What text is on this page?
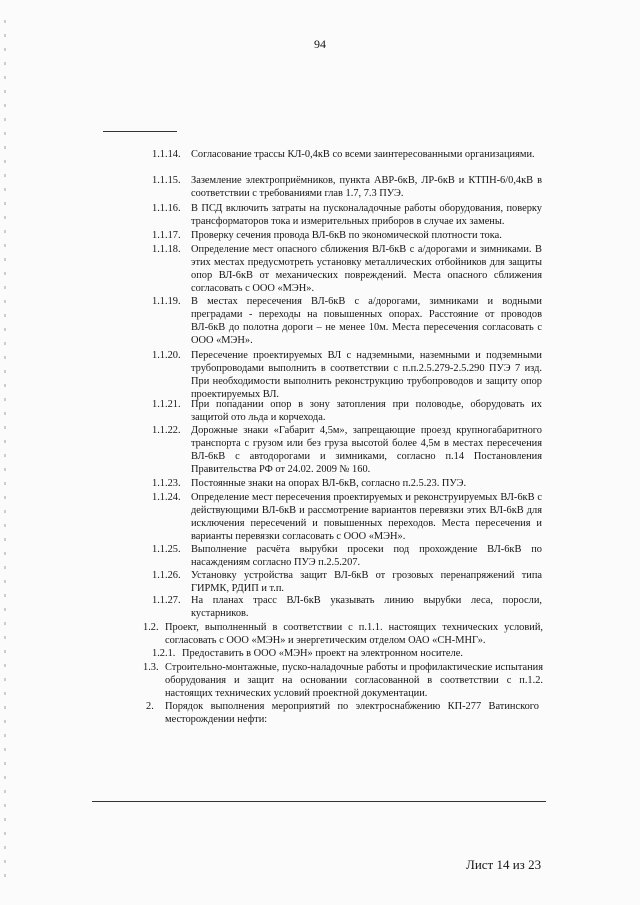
94
1.1.14. Согласование трассы КЛ-0,4кВ со всеми заинтересованными организациями.
1.1.15. Заземление электроприёмников, пункта АВР-6кВ, ЛР-6кВ и КТПН-6/0,4кВ в соответствии с требованиями глав 1.7, 7.3 ПУЭ.
1.1.16. В ПСД включить затраты на пусконаладочные работы оборудования, поверку трансформаторов тока и измерительных приборов в случае их замены.
1.1.17. Проверку сечения провода ВЛ-6кВ по экономической плотности тока.
1.1.18. Определение мест опасного сближения ВЛ-6кВ с а/дорогами и зимниками. В этих местах предусмотреть установку металлических отбойников для защиты опор ВЛ-6кВ от механических повреждений. Места опасного сближения согласовать с ООО «МЭН».
1.1.19. В местах пересечения ВЛ-6кВ с а/дорогами, зимниками и водными преградами - переходы на повышенных опорах. Расстояние от проводов ВЛ-6кВ до полотна дороги – не менее 10м. Места пересечения согласовать с ООО «МЭН».
1.1.20. Пересечение проектируемых ВЛ с надземными, наземными и подземными трубопроводами выполнить в соответствии с п.п.2.5.279-2.5.290 ПУЭ 7 изд. При необходимости выполнить реконструкцию трубопроводов и защиту опор проектируемых ВЛ.
1.1.21. При попадании опор в зону затопления при половодье, оборудовать их защитой ото льда и корчехода.
1.1.22. Дорожные знаки «Габарит 4,5м», запрещающие проезд крупногабаритного транспорта с грузом или без груза высотой более 4,5м в местах пересечения ВЛ-6кВ с автодорогами и зимниками, согласно п.14 Постановления Правительства РФ от 24.02. 2009 № 160.
1.1.23. Постоянные знаки на опорах ВЛ-6кВ, согласно п.2.5.23. ПУЭ.
1.1.24. Определение мест пересечения проектируемых и реконструируемых ВЛ-6кВ с действующими ВЛ-6кВ и рассмотрение вариантов перевязки этих ВЛ-6кВ для исключения пересечений и повышенных переходов. Места пересечения и варианты перевязки согласовать с ООО «МЭН».
1.1.25. Выполнение расчёта вырубки просеки под прохождение ВЛ-6кВ по насаждениям согласно ПУЭ п.2.5.207.
1.1.26. Установку устройства защит ВЛ-6кВ от грозовых перенапряжений типа ГИРМК, РДИП и т.п.
1.1.27. На планах трасс ВЛ-6кВ указывать линию вырубки леса, поросли, кустарников.
1.2. Проект, выполненный в соответствии с п.1.1. настоящих технических условий, согласовать с ООО «МЭН» и энергетическим отделом ОАО «СН-МНГ».
1.2.1. Предоставить в ООО «МЭН» проект на электронном носителе.
1.3. Строительно-монтажные, пуско-наладочные работы и профилактические испытания оборудования и защит на основании согласованной в соответствии с п.1.2. настоящих технических условий проектной документации.
2. Порядок выполнения мероприятий по электроснабжению КП-277 Ватинского месторождении нефти:
Лист 14 из 23
